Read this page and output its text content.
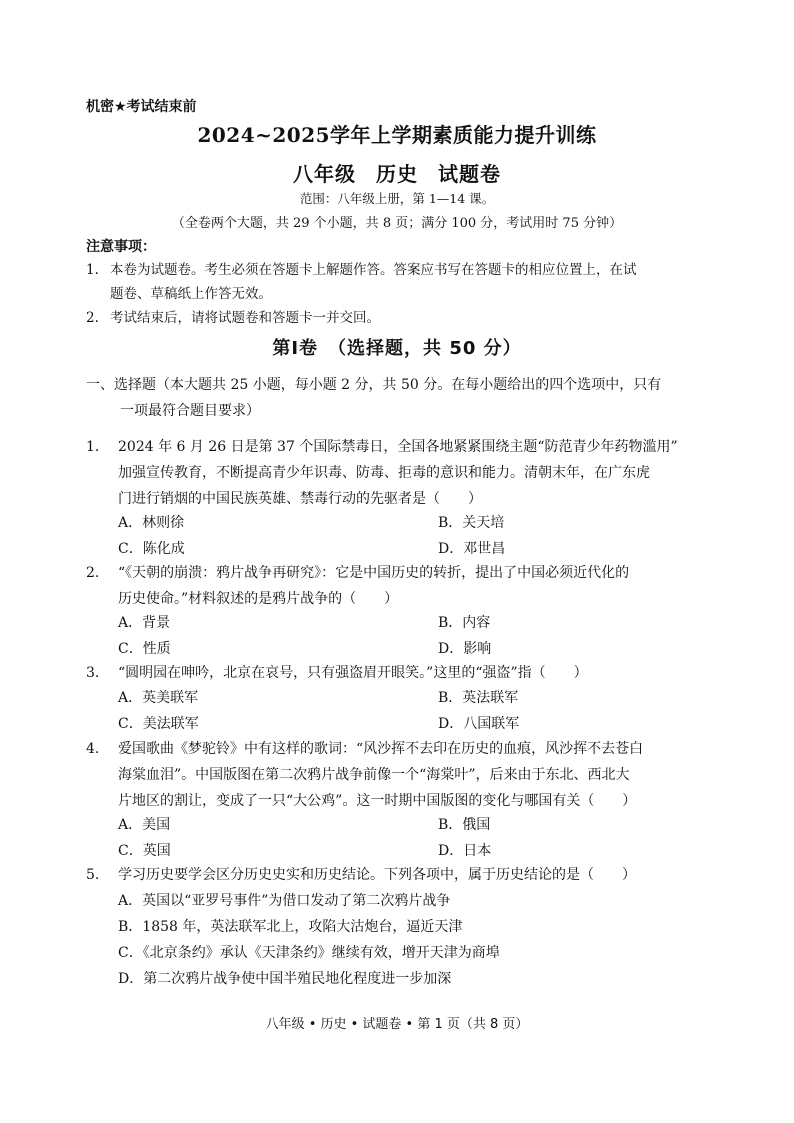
机密★考试结束前
2024~2025学年上学期素质能力提升训练
八年级 历史 试题卷
范围：八年级上册，第 1—14 课。
（全卷两个大题，共 29 个小题，共 8 页；满分 100 分，考试用时 75 分钟）
注意事项：
1. 本卷为试题卷。考生必须在答题卡上解题作答。答案应书写在答题卡的相应位置上，在试
题卷、草稿纸上作答无效。
2. 考试结束后，请将试题卷和答题卡一并交回。
第Ⅰ卷　（选择题，共 50 分）
一、选择题（本大题共 25 小题，每小题 2 分，共 50 分。在每小题给出的四个选项中，只有
一项最符合题目要求）
1. 2024 年 6 月 26 日是第 37 个国际禁毒日，全国各地紧紧围绕主题“防范青少年药物滥用”
加强宣传教育，不断提高青少年识毒、防毒、拒毒的意识和能力。清朝末年，在广东虎
门进行销烟的中国民族英雄、禁毒行动的先驱者是（　　）
A．林则徐	B．关天培
C．陈化成	D．邓世昌
2. “《天朝的崩溃：鸦片战争再研究》：它是中国历史的转折，提出了中国必须近代化的
历史使命。”材料叙述的是鸦片战争的（　　）
A．背景	B．内容
C．性质	D．影响
3. “圆明园在呻吟，北京在哀号，只有强盗眉开眼笑。”这里的“强盗”指（　　）
A．英美联军	B．英法联军
C．美法联军	D．八国联军
4. 爱国歌曲《梦驼铃》中有这样的歌词：“风沙挥不去印在历史的血痕，风沙挥不去苍白
海棠血泪”。中国版图在第二次鸦片战争前像一个“海棠叶”，后来由于东北、西北大
片地区的割让，变成了一只“大公鸡”。这一时期中国版图的变化与哪国有关（　　）
A．美国	B．俄国
C．英国	D．日本
5. 学习历史要学会区分历史史实和历史结论。下列各项中，属于历史结论的是（　　）
A．英国以“亚罗号事件”为借口发动了第二次鸦片战争
B．1858 年，英法联军北上，攻陷大沽炮台，逼近天津
C．《北京条约》承认《天津条约》继续有效，增开天津为商埠
D．第二次鸦片战争使中国半殖民地化程度进一步加深
八年级 • 历史 • 试题卷 • 第 1 页（共 8 页）
